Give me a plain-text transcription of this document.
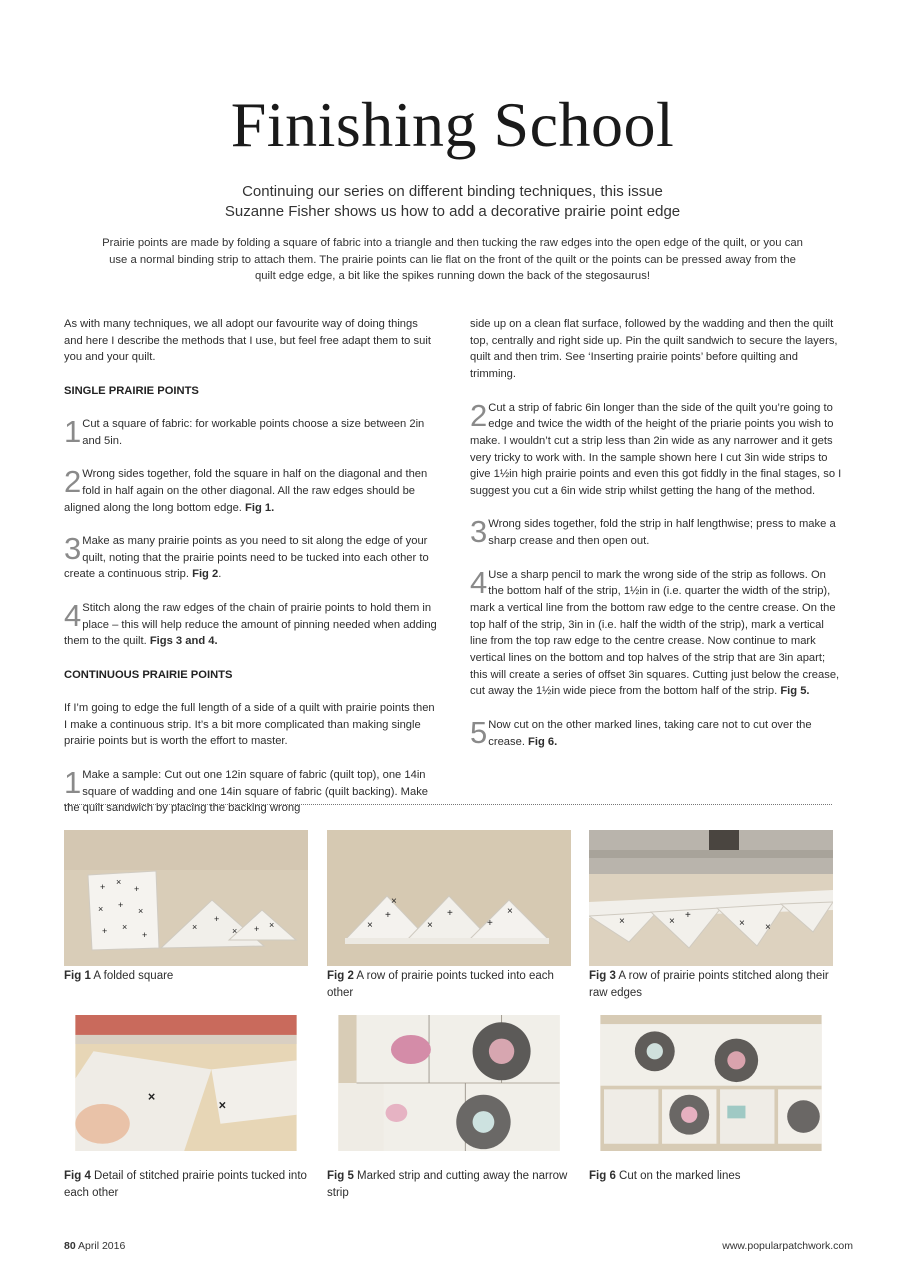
Finishing School

Continuing our series on different binding techniques, this issue
Suzanne Fisher shows us how to add a decorative prairie point edge

Prairie points are made by folding a square of fabric into a triangle and then tucking the raw edges into the open edge of the quilt, or you can use a normal binding strip to attach them. The prairie points can lie flat on the front of the quilt or the points can be pressed away from the quilt edge edge, a bit like the spikes running down the back of the stegosaurus!

As with many techniques, we all adopt our favourite way of doing things and here I describe the methods that I use, but feel free adapt them to suit you and your quilt.

SINGLE PRAIRIE POINTS

1 Cut a square of fabric: for workable points choose a size between 2in and 5in.

2 Wrong sides together, fold the square in half on the diagonal and then fold in half again on the other diagonal. All the raw edges should be aligned along the long bottom edge. Fig 1.

3 Make as many prairie points as you need to sit along the edge of your quilt, noting that the prairie points need to be tucked into each other to create a continuous strip. Fig 2.

4 Stitch along the raw edges of the chain of prairie points to hold them in place – this will help reduce the amount of pinning needed when adding them to the quilt. Figs 3 and 4.

CONTINUOUS PRAIRIE POINTS

If I’m going to edge the full length of a side of a quilt with prairie points then I make a continuous strip. It’s a bit more complicated than making single prairie points but is worth the effort to master.

1 Make a sample: Cut out one 12in square of fabric (quilt top), one 14in square of wadding and one 14in square of fabric (quilt backing). Make the quilt sandwich by placing the backing wrong

side up on a clean flat surface, followed by the wadding and then the quilt top, centrally and right side up. Pin the quilt sandwich to secure the layers, quilt and then trim. See ‘Inserting prairie points’ before quilting and trimming.

2 Cut a strip of fabric 6in longer than the side of the quilt you’re going to edge and twice the width of the height of the priarie points you wish to make. I wouldn’t cut a strip less than 2in wide as any narrower and it gets very tricky to work with. In the sample shown here I cut 3in wide strips to give 1½in high prairie points and even this got fiddly in the final stages, so I suggest you cut a 6in wide strip whilst getting the hang of the method.

3 Wrong sides together, fold the strip in half lengthwise; press to make a sharp crease and then open out.

4 Use a sharp pencil to mark the wrong side of the strip as follows. On the bottom half of the strip, 1½in in (i.e. quarter the width of the strip), mark a vertical line from the bottom raw edge to the centre crease. On the top half of the strip, 3in in (i.e. half the width of the strip), mark a vertical line from the top raw edge to the centre crease. Now continue to mark vertical lines on the bottom and top halves of the strip that are 3in apart; this will create a series of offset 3in squares. Cutting just below the crease, cut away the 1½in wide piece from the bottom half of the strip. Fig 5.

5 Now cut on the other marked lines, taking care not to cut over the crease. Fig 6.

+ ×
+
× +
×
+ ×
+
×
+
× + ×
Fig 1 A folded square
×
+
×
×
+
+
×
Fig 2 A row of prairie points tucked into each other
×	×
+
× ×
Fig 3 A row of prairie points stitched along their raw edges
×
×
Fig 4 Detail of stitched prairie points tucked into each other
Fig 5 Marked strip and cutting away the narrow strip
Fig 6 Cut on the marked lines
80 April 2016	www.popularpatchwork.com
